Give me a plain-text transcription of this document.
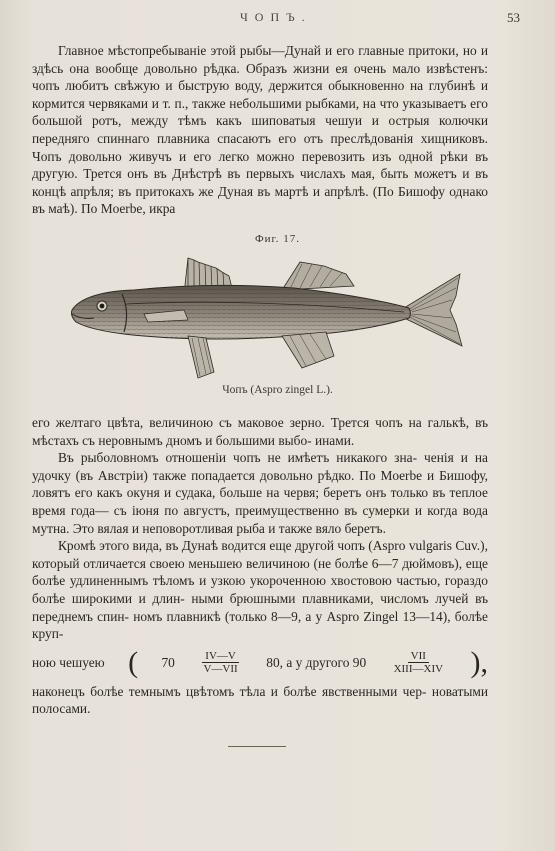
ЧОПЪ.	53

Главное мѣстопребываніе этой рыбы—Дунай и его главные притоки, но и здѣсь она вообще довольно рѣдка. Образъ жизни ея очень мало извѣстенъ: чопъ любитъ свѣжую и быструю воду, держится обыкновенно на глубинѣ и кормится червяками и т. п., также небольшими рыбками, на что указываетъ его большой ротъ, между тѣмъ какъ шиповатыя чешуи и острыя колючки передняго спиннаго плавника спасаютъ его отъ преслѣдованія хищниковъ. Чопъ довольно живучъ и его легко можно перевозить изъ одной рѣки въ другую. Трется онъ въ Днѣстрѣ въ первыхъ числахъ мая, быть можетъ и въ концѣ апрѣля; въ притокахъ же Дуная въ мартѣ и апрѣлѣ. (По Бишофу однако въ маѣ). По Moerbe, икра

Фиг. 17.
Чопъ (Aspro zingel L.).

его желтаго цвѣта, величиною съ маковое зерно. Трется чопъ на галькѣ, въ мѣстахъ съ неровнымъ дномъ и большими выбо- инами.

Въ рыболовномъ отношеніи чопъ не имѣетъ никакого зна- ченія и на удочку (въ Австріи) также попадается довольно рѣдко. По Moerbe и Бишофу, ловятъ его какъ окуня и судака, больше на червя; беретъ онъ только въ теплое время года— съ іюня по августъ, преимущественно въ сумерки и когда вода мутна. Это вялая и неповоротливая рыба и также вяло беретъ.

Кромѣ этого вида, въ Дунаѣ водится еще другой чопъ (Aspro vulgaris Cuv.), который отличается своею меньшею величиною (не болѣе 6—7 дюймовъ), еще болѣе удлиненнымъ тѣломъ и узкою укороченною хвостовою частью, гораздо болѣе широкими и длин- ными брюшными плавниками, числомъ лучей въ переднемъ спин- номъ плавникѣ (только 8—9, а у Aspro Zingel 13—14), болѣе круп-

ною чешуею ( $70 \frac{IV—V}{\text{V—VII}} 80$, а у другого $90 \frac{\text{VII}}{\text{XIII—XIV}}$ ),

наконецъ болѣе темнымъ цвѣтомъ тѣла и болѣе явственными чер- новатыми полосами.
